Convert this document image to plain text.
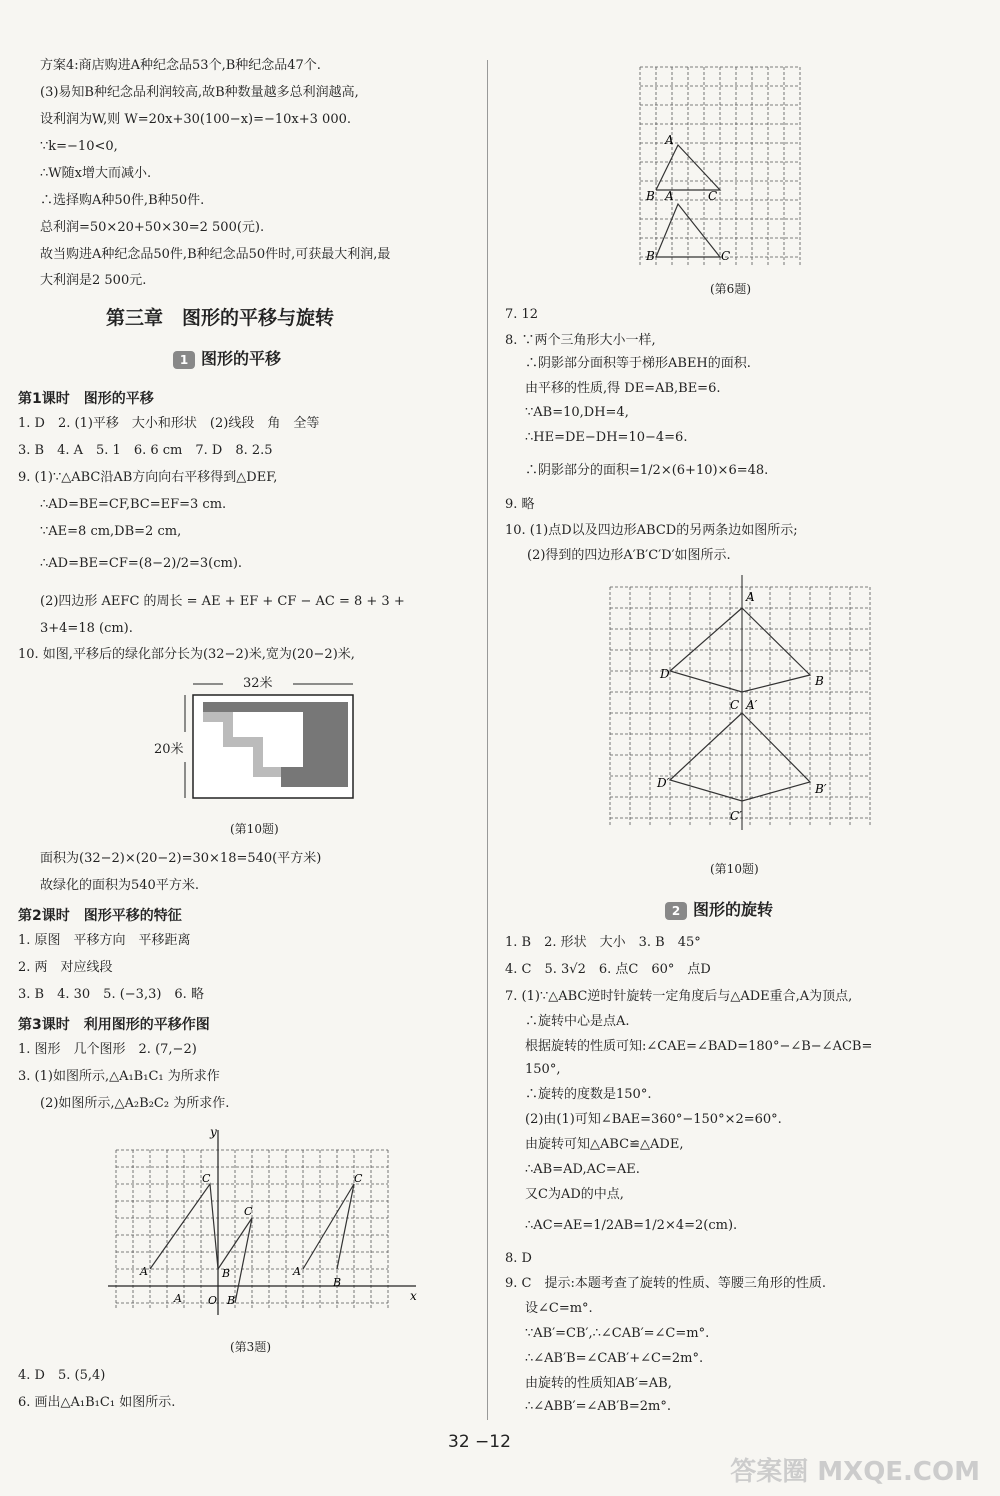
方案4:商店购进A种纪念品53个,B种纪念品47个.
(3)易知B种纪念品利润较高,故B种数量越多总利润越高,
设利润为W,则 W=20x+30(100−x)=−10x+3 000.
∵k=−10<0,
∴W随x增大而减小.
∴选择购A种50件,B种50件.
总利润=50×20+50×30=2 500(元).
故当购进A种纪念品50件,B种纪念品50件时,可获最大利润,最
大利润是2 500元.
第三章　图形的平移与旋转
1 图形的平移
第1课时　图形的平移
1. D　2. (1)平移　大小和形状　(2)线段　角　全等
3. B　4. A　5. 1　6. 6 cm　7. D　8. 2.5
9. (1)∵△ABC沿AB方向向右平移得到△DEF,
∴AD=BE=CF,BC=EF=3 cm.
∵AE=8 cm,DB=2 cm,
∴AD=BE=CF=(8−2)/2=3(cm).
(2)四边形 AEFC 的周长 = AE + EF + CF − AC = 8 + 3 +
3+4=18 (cm).
10. 如图,平移后的绿化部分长为(32−2)米,宽为(20−2)米,
32米
20米
(第10题)
面积为(32−2)×(20−2)=30×18=540(平方米)
故绿化的面积为540平方米.
第2课时　图形平移的特征
1. 原图　平移方向　平移距离
2. 两　对应线段
3. B　4. 30　5. (−3,3)　6. 略
第3课时　利用图形的平移作图
1. 图形　几个图形　2. (7,−2)
3. (1)如图所示,△A₁B₁C₁ 为所求作
(2)如图所示,△A₂B₂C₂ 为所求作.
y
x
A
A
C
C
B
O B
A
B
C
(第3题)
4. D　5. (5,4)
6. 画出△A₁B₁C₁ 如图所示.
A
B A	C
B	C
(第6题)
7. 12
8. ∵两个三角形大小一样,
∴阴影部分面积等于梯形ABEH的面积.
由平移的性质,得 DE=AB,BE=6.
∵AB=10,DH=4,
∴HE=DE−DH=10−4=6.
∴阴影部分的面积=1/2×(6+10)×6=48.
9. 略
10. (1)点D以及四边形ABCD的另两条边如图所示;
(2)得到的四边形A′B′C′D′如图所示.
A
B
D
C A′
B′
D′
C′
(第10题)
2 图形的旋转
1. B　2. 形状　大小　3. B　45°
4. C　5. 3√2　6. 点C　60°　点D
7. (1)∵△ABC逆时针旋转一定角度后与△ADE重合,A为顶点,
∴旋转中心是点A.
根据旋转的性质可知:∠CAE=∠BAD=180°−∠B−∠ACB=
150°,
∴旋转的度数是150°.
(2)由(1)可知∠BAE=360°−150°×2=60°.
由旋转可知△ABC≌△ADE,
∴AB=AD,AC=AE.
又C为AD的中点,
∴AC=AE=1/2AB=1/2×4=2(cm).
8. D
9. C　提示:本题考查了旋转的性质、等腰三角形的性质.
设∠C=m°.
∵AB′=CB′,∴∠CAB′=∠C=m°.
∴∠AB′B=∠CAB′+∠C=2m°.
由旋转的性质知AB′=AB,
∴∠ABB′=∠AB′B=2m°.
32 −12
答案圈 MXQE.COM
